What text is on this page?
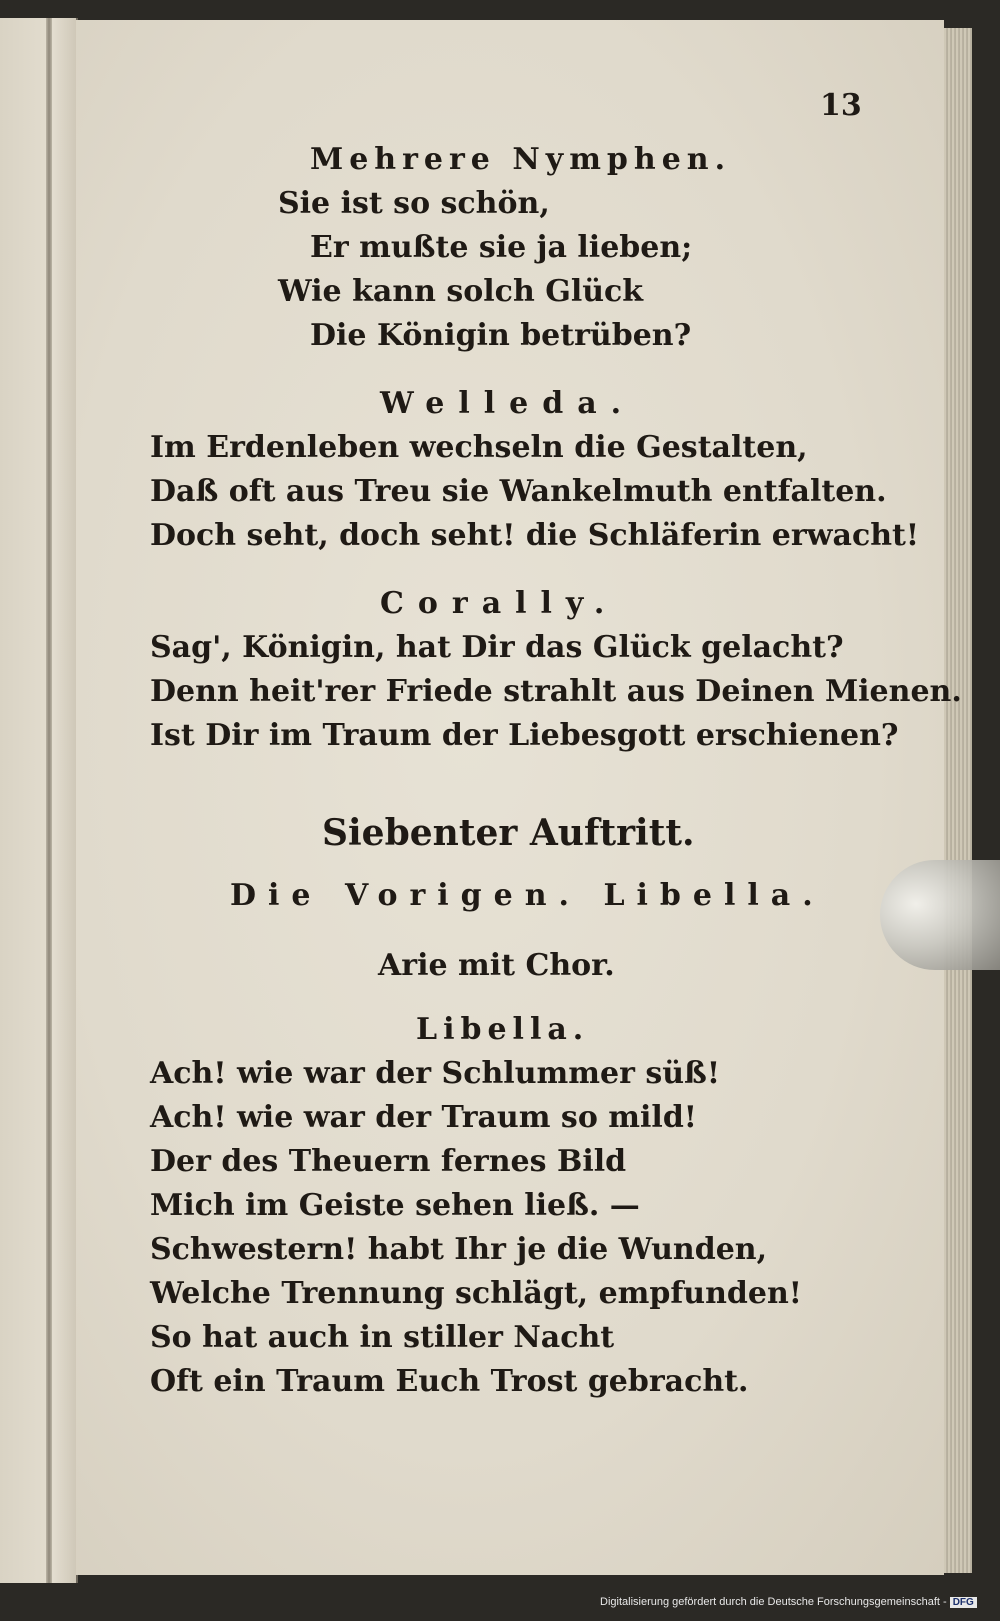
13
Mehrere Nymphen.
Sie ist so schön,
Er mußte sie ja lieben;
Wie kann solch Glück
Die Königin betrüben?
Welleda.
Im Erdenleben wechseln die Gestalten,
Daß oft aus Treu sie Wankelmuth entfalten.
Doch seht, doch seht! die Schläferin erwacht!
Corally.
Sag', Königin, hat Dir das Glück gelacht?
Denn heit'rer Friede strahlt aus Deinen Mienen.
Ist Dir im Traum der Liebesgott erschienen?
Siebenter Auftritt.
Die Vorigen. Libella.
Arie mit Chor.
Libella.
Ach! wie war der Schlummer süß!
Ach! wie war der Traum so mild!
Der des Theuern fernes Bild
Mich im Geiste sehen ließ. —
Schwestern! habt Ihr je die Wunden,
Welche Trennung schlägt, empfunden!
So hat auch in stiller Nacht
Oft ein Traum Euch Trost gebracht.
Digitalisierung gefördert durch die Deutsche Forschungsgemeinschaft - DFG
